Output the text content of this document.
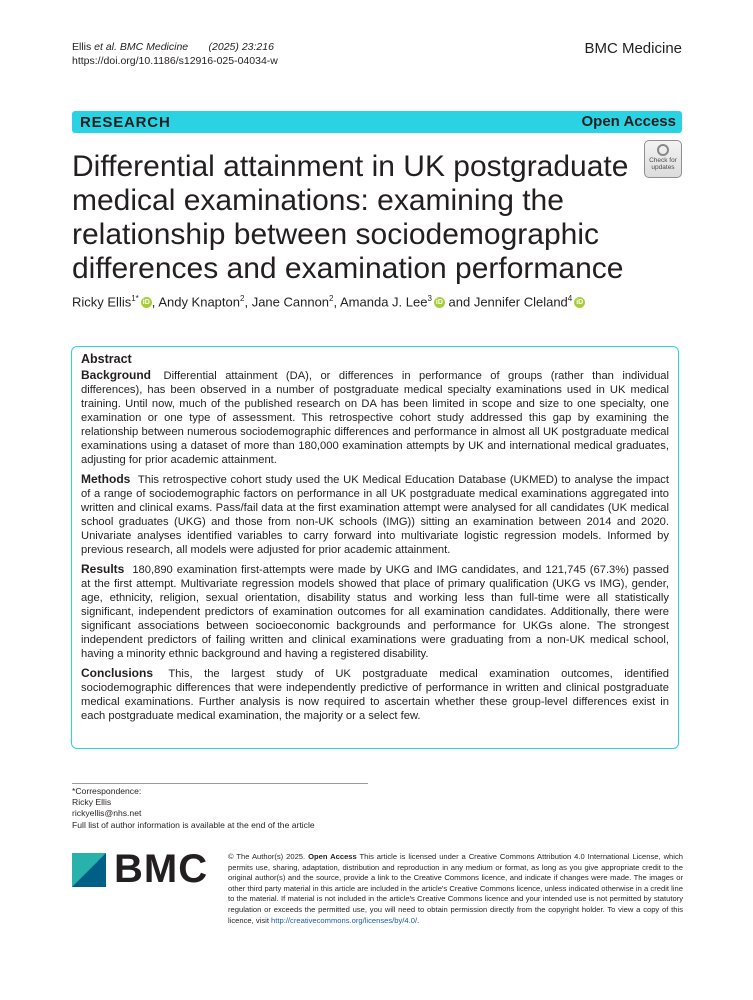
Ellis et al. BMC Medicine (2025) 23:216
https://doi.org/10.1186/s12916-025-04034-w
BMC Medicine
RESEARCH	Open Access
Differential attainment in UK postgraduate medical examinations: examining the relationship between sociodemographic differences and examination performance
Check for
updates
Ricky Ellis$^{1*}$ iD , Andy Knapton$^2$, Jane Cannon$^2$, Amanda J. Lee$^3$ iD and Jennifer Cleland$^4$ iD
Abstract

Background Differential attainment (DA), or differences in performance of groups (rather than individual differences), has been observed in a number of postgraduate medical specialty examinations used in UK medical training. Until now, much of the published research on DA has been limited in scope and size to one specialty, one examination or one type of assessment. This retrospective cohort study addressed this gap by examining the relationship between numerous sociodemographic differences and performance in almost all UK postgraduate medical examinations using a dataset of more than 180,000 examination attempts by UK and international medical graduates, adjusting for prior academic attainment.

Methods This retrospective cohort study used the UK Medical Education Database (UKMED) to analyse the impact of a range of sociodemographic factors on performance in all UK postgraduate medical examinations aggregated into written and clinical exams. Pass/fail data at the first examination attempt were analysed for all candidates (UK medical school graduates (UKG) and those from non-UK schools (IMG)) sitting an examination between 2014 and 2020. Univariate analyses identified variables to carry forward into multivariate logistic regression models. Informed by previous research, all models were adjusted for prior academic attainment.

Results 180,890 examination first-attempts were made by UKG and IMG candidates, and 121,745 (67.3%) passed at the first attempt. Multivariate regression models showed that place of primary qualification (UKG vs IMG), gender, age, ethnicity, religion, sexual orientation, disability status and working less than full-time were all statistically significant, independent predictors of examination outcomes for all examination candidates. Additionally, there were significant associations between socioeconomic backgrounds and performance for UKGs alone. The strongest independent predictors of failing written and clinical examinations were graduating from a non-UK medical school, having a minority ethnic background and having a registered disability.

Conclusions This, the largest study of UK postgraduate medical examination outcomes, identified sociodemographic differences that were independently predictive of performance in written and clinical postgraduate medical examinations. Further analysis is now required to ascertain whether these group-level differences exist in each postgraduate medical examination, the majority or a select few.

*Correspondence:
Ricky Ellis
rickyellis@nhs.net
Full list of author information is available at the end of the article
BMC	© The Author(s) 2025. Open Access This article is licensed under a Creative Commons Attribution 4.0 International License, which permits use, sharing, adaptation, distribution and reproduction in any medium or format, as long as you give appropriate credit to the original author(s) and the source, provide a link to the Creative Commons licence, and indicate if changes were made. The images or other third party material in this article are included in the article's Creative Commons licence, unless indicated otherwise in a credit line to the material. If material is not included in the article's Creative Commons licence and your intended use is not permitted by statutory regulation or exceeds the permitted use, you will need to obtain permission directly from the copyright holder. To view a copy of this licence, visit http://creativecommons.org/licenses/by/4.0/.
